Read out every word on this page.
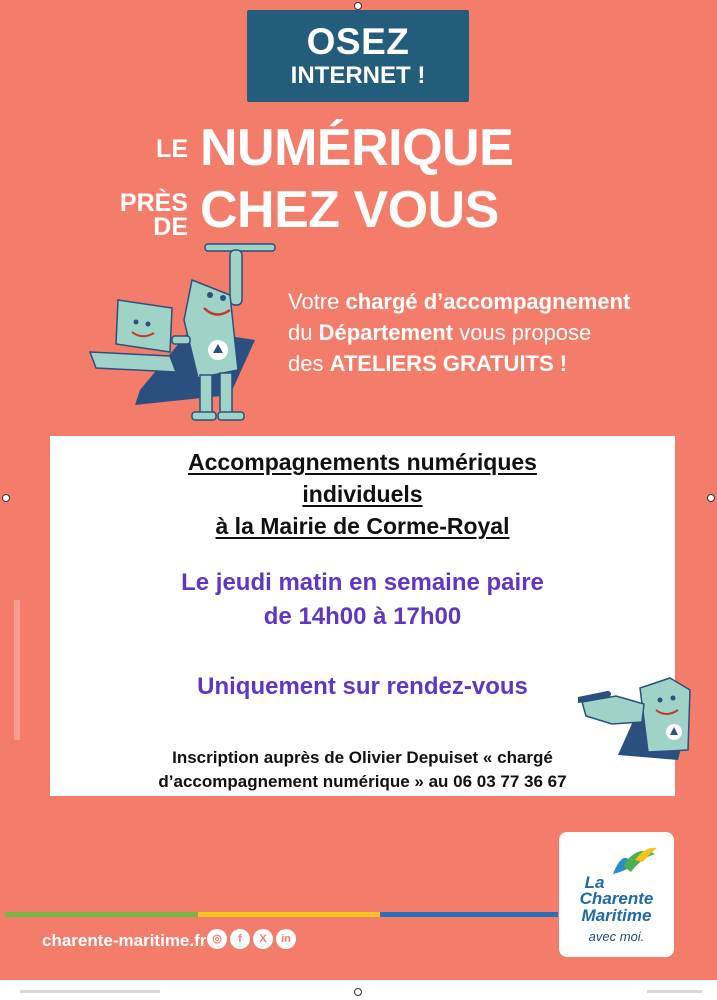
OSEZ
INTERNET !
LE NUMÉRIQUE
PRÈS
DE CHEZ VOUS
Votre chargé d’accompagnement
du Département vous propose
des ATELIERS GRATUITS !
Accompagnements numériques
individuels
à la Mairie de Corme-Royal
Le jeudi matin en semaine paire
de 14h00 à 17h00
Uniquement sur rendez-vous
Inscription auprès de Olivier Depuiset « chargé
d’accompagnement numérique » au 06 03 77 36 67
charente-maritime.fr ◎	f	X	in
La
Charente
Maritime
avec moi.
